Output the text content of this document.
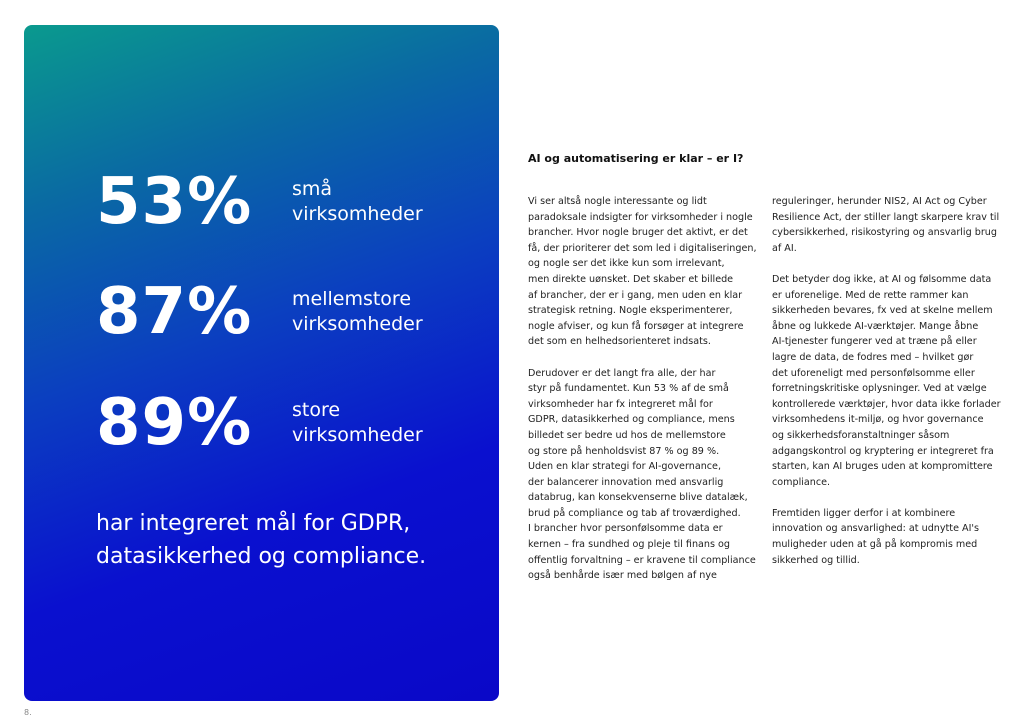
53%	små
virksomheder
87%	mellemstore
virksomheder
89%	store
virksomheder
har integreret mål for GDPR,
datasikkerhed og compliance.
AI og automatisering er klar – er I?

Vi ser altså nogle interessante og lidt
paradoksale indsigter for virksomheder i nogle
brancher. Hvor nogle bruger det aktivt, er det
få, der prioriterer det som led i digitaliseringen,
og nogle ser det ikke kun som irrelevant,
men direkte uønsket. Det skaber et billede
af brancher, der er i gang, men uden en klar
strategisk retning. Nogle eksperimenterer,
nogle afviser, og kun få forsøger at integrere
det som en helhedsorienteret indsats.

Derudover er det langt fra alle, der har
styr på fundamentet. Kun 53 % af de små
virksomheder har fx integreret mål for
GDPR, datasikkerhed og compliance, mens
billedet ser bedre ud hos de mellemstore
og store på henholdsvist 87 % og 89 %.
Uden en klar strategi for AI-governance,
der balancerer innovation med ansvarlig
databrug, kan konsekvenserne blive datalæk,
brud på compliance og tab af troværdighed.
I brancher hvor personfølsomme data er
kernen – fra sundhed og pleje til finans og
offentlig forvaltning – er kravene til compliance
også benhårde især med bølgen af nye

reguleringer, herunder NIS2, AI Act og Cyber
Resilience Act, der stiller langt skarpere krav til
cybersikkerhed, risikostyring og ansvarlig brug
af AI.

Det betyder dog ikke, at AI og følsomme data
er uforenelige. Med de rette rammer kan
sikkerheden bevares, fx ved at skelne mellem
åbne og lukkede AI-værktøjer. Mange åbne
AI-tjenester fungerer ved at træne på eller
lagre de data, de fodres med – hvilket gør
det uforeneligt med personfølsomme eller
forretningskritiske oplysninger. Ved at vælge
kontrollerede værktøjer, hvor data ikke forlader
virksomhedens it-miljø, og hvor governance
og sikkerhedsforanstaltninger såsom
adgangskontrol og kryptering er integreret fra
starten, kan AI bruges uden at kompromittere
compliance.

Fremtiden ligger derfor i at kombinere
innovation og ansvarlighed: at udnytte AI's
muligheder uden at gå på kompromis med
sikkerhed og tillid.

8.
